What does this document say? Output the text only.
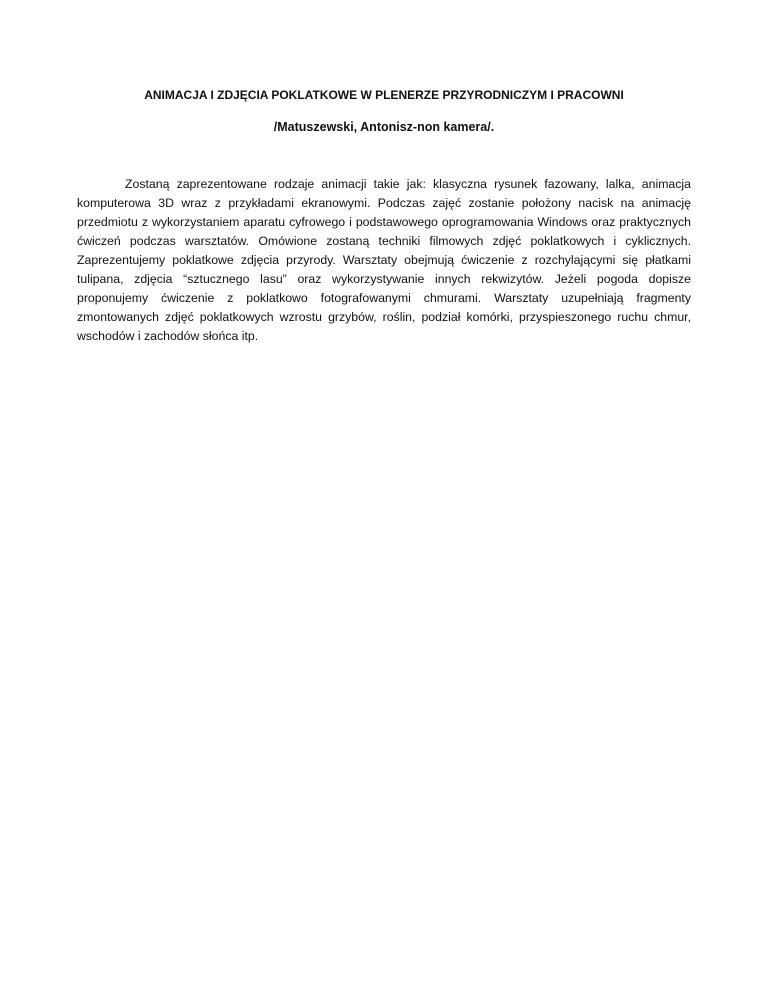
ANIMACJA I ZDJĘCIA POKLATKOWE W PLENERZE PRZYRODNICZYM I PRACOWNI
/Matuszewski, Antonisz-non kamera/.

Zostaną zaprezentowane rodzaje animacji takie jak: klasyczna rysunek fazowany, lalka, animacja komputerowa 3D wraz z przykładami ekranowymi. Podczas zajęć zostanie położony nacisk na animację przedmiotu z wykorzystaniem aparatu cyfrowego i podstawowego oprogramowania Windows oraz praktycznych ćwiczeń podczas warsztatów. Omówione zostaną techniki filmowych zdjęć poklatkowych i cyklicznych. Zaprezentujemy poklatkowe zdjęcia przyrody. Warsztaty obejmują ćwiczenie z rozchylającymi się płatkami tulipana, zdjęcia “sztucznego lasu” oraz wykorzystywanie innych rekwizytów. Jeżeli pogoda dopisze proponujemy ćwiczenie z poklatkowo fotografowanymi chmurami. Warsztaty uzupełniają fragmenty zmontowanych zdjęć poklatkowych wzrostu grzybów, roślin, podział komórki, przyspieszonego ruchu chmur, wschodów i zachodów słońca itp.
